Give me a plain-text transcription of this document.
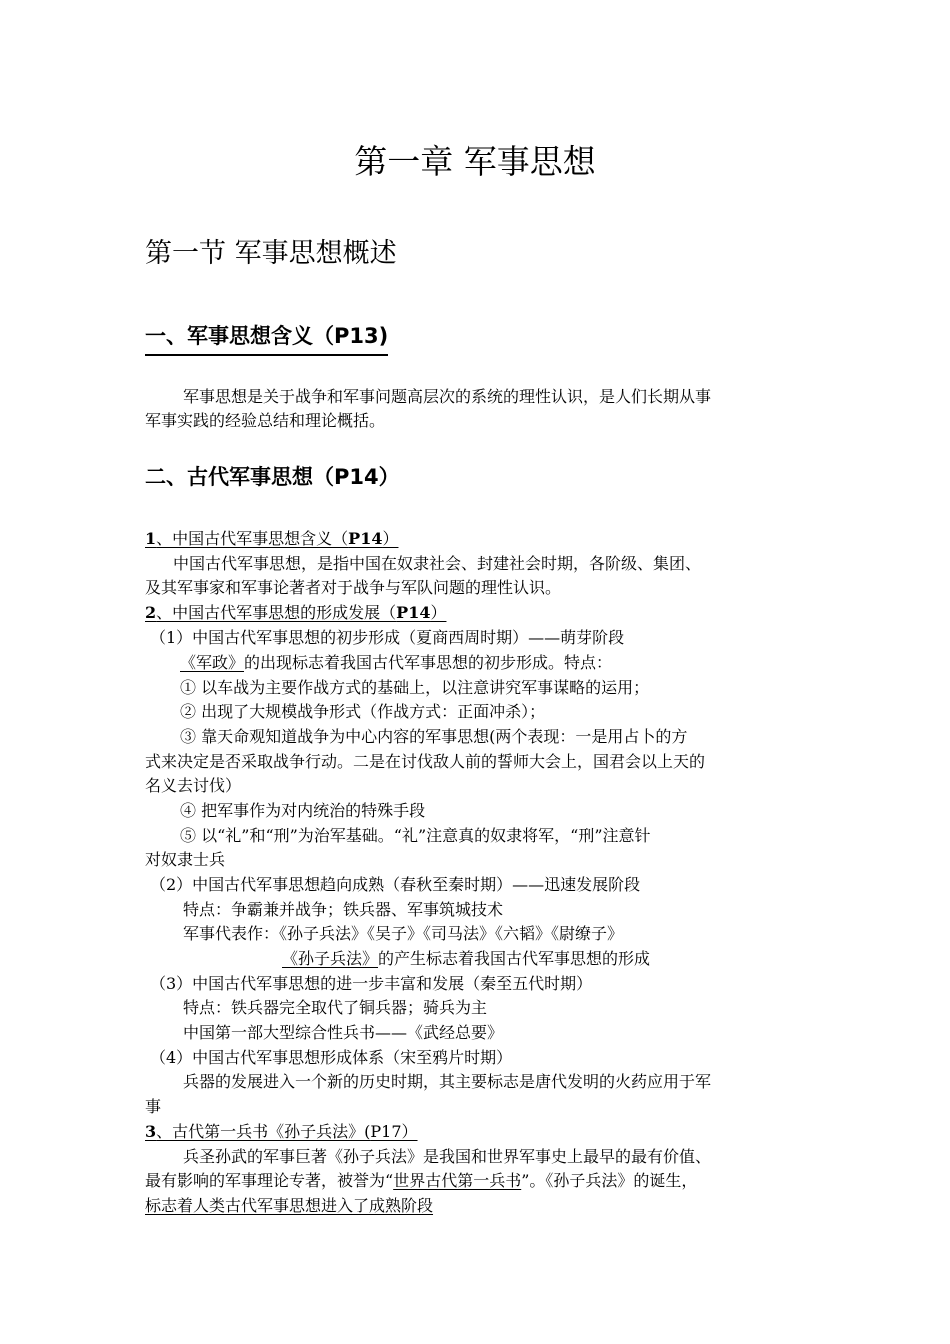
第一章 军事思想
第一节 军事思想概述
一、军事思想含义（P13)
军事思想是关于战争和军事问题高层次的系统的理性认识，是人们长期从事
军事实践的经验总结和理论概括。
二、古代军事思想（P14）
1、中国古代军事思想含义（P14）
中国古代军事思想，是指中国在奴隶社会、封建社会时期，各阶级、集团、
及其军事家和军事论著者对于战争与军队问题的理性认识。
2、中国古代军事思想的形成发展（P14）
（1）中国古代军事思想的初步形成（夏商西周时期）——萌芽阶段
《军政》的出现标志着我国古代军事思想的初步形成。特点：
① 以车战为主要作战方式的基础上，以注意讲究军事谋略的运用；
② 出现了大规模战争形式（作战方式：正面冲杀）；
③ 靠天命观知道战争为中心内容的军事思想(两个表现：一是用占卜的方
式来决定是否采取战争行动。二是在讨伐敌人前的誓师大会上，国君会以上天的
名义去讨伐）
④ 把军事作为对内统治的特殊手段
⑤ 以“礼”和“刑”为治军基础。“礼”注意真的奴隶将军，“刑”注意针
对奴隶士兵
（2）中国古代军事思想趋向成熟（春秋至秦时期）——迅速发展阶段
特点：争霸兼并战争；铁兵器、军事筑城技术
军事代表作：《孙子兵法》《吴子》《司马法》《六韬》《尉缭子》
《孙子兵法》的产生标志着我国古代军事思想的形成
（3）中国古代军事思想的进一步丰富和发展（秦至五代时期）
特点：铁兵器完全取代了铜兵器；骑兵为主
中国第一部大型综合性兵书——《武经总要》
（4）中国古代军事思想形成体系（宋至鸦片时期）
兵器的发展进入一个新的历史时期，其主要标志是唐代发明的火药应用于军
事
3、古代第一兵书《孙子兵法》(P17）
兵圣孙武的军事巨著《孙子兵法》是我国和世界军事史上最早的最有价值、
最有影响的军事理论专著，被誉为“世界古代第一兵书”。《孙子兵法》的诞生，
标志着人类古代军事思想进入了成熟阶段
